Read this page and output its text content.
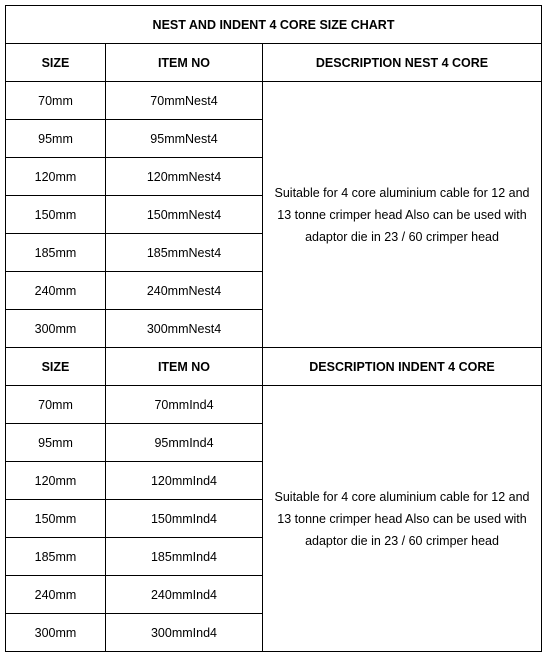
NEST AND INDENT 4 CORE SIZE CHART		
SIZE	ITEM NO	DESCRIPTION NEST 4 CORE
70mm	70mmNest4	Suitable for 4 core aluminium cable for 12 and 13 tonne crimper head Also can be used with adaptor die in 23 / 60 crimper head
95mm	95mmNest4	
120mm	120mmNest4	
150mm	150mmNest4	
185mm	185mmNest4	
240mm	240mmNest4	
300mm	300mmNest4	
SIZE	ITEM NO	DESCRIPTION INDENT 4 CORE
70mm	70mmInd4	Suitable for 4 core aluminium cable for 12 and 13 tonne crimper head Also can be used with adaptor die in 23 / 60 crimper head
95mm	95mmInd4	
120mm	120mmInd4	
150mm	150mmInd4	
185mm	185mmInd4	
240mm	240mmInd4	
300mm	300mmInd4	
